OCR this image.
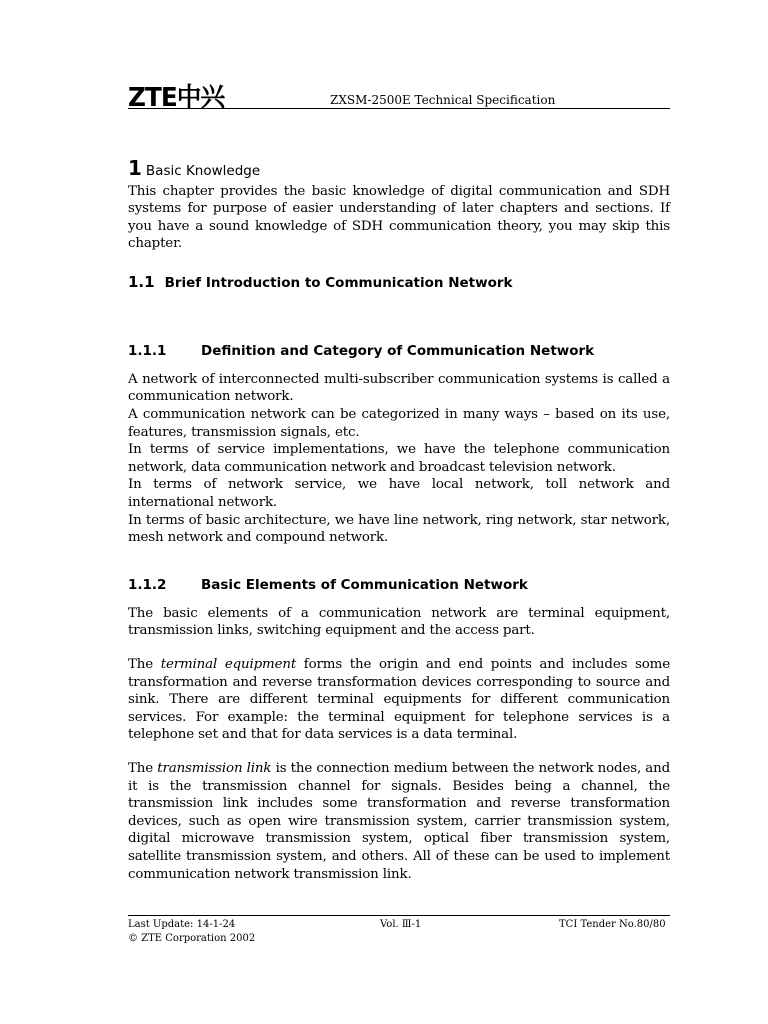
ZTE中兴	ZXSM-2500E Technical Specification
1 Basic Knowledge

This chapter provides the basic knowledge of digital communication and SDH systems for purpose of easier understanding of later chapters and sections. If you have a sound knowledge of SDH communication theory, you may skip this chapter.

1.1 Brief Introduction to Communication Network
1.1.1	Definition and Category of Communication Network

A network of interconnected multi-subscriber communication systems is called a communication network.

A communication network can be categorized in many ways – based on its use, features, transmission signals, etc.

In terms of service implementations, we have the telephone communication network, data communication network and broadcast television network.

In terms of network service, we have local network, toll network and international network.

In terms of basic architecture, we have line network, ring network, star network, mesh network and compound network.

1.1.2	Basic Elements of Communication Network

The basic elements of a communication network are terminal equipment, transmission links, switching equipment and the access part.

The terminal equipment forms the origin and end points and includes some transformation and reverse transformation devices corresponding to source and sink. There are different terminal equipments for different communication services. For example: the terminal equipment for telephone services is a telephone set and that for data services is a data terminal.

The transmission link is the connection medium between the network nodes, and it is the transmission channel for signals. Besides being a channel, the transmission link includes some transformation and reverse transformation devices, such as open wire transmission system, carrier transmission system, digital microwave transmission system, optical fiber transmission system, satellite transmission system, and others. All of these can be used to implement communication network transmission link.

Last Update: 14-1-24
© ZTE Corporation 2002
Vol. Ⅲ-1	TCI Tender No.80/80
